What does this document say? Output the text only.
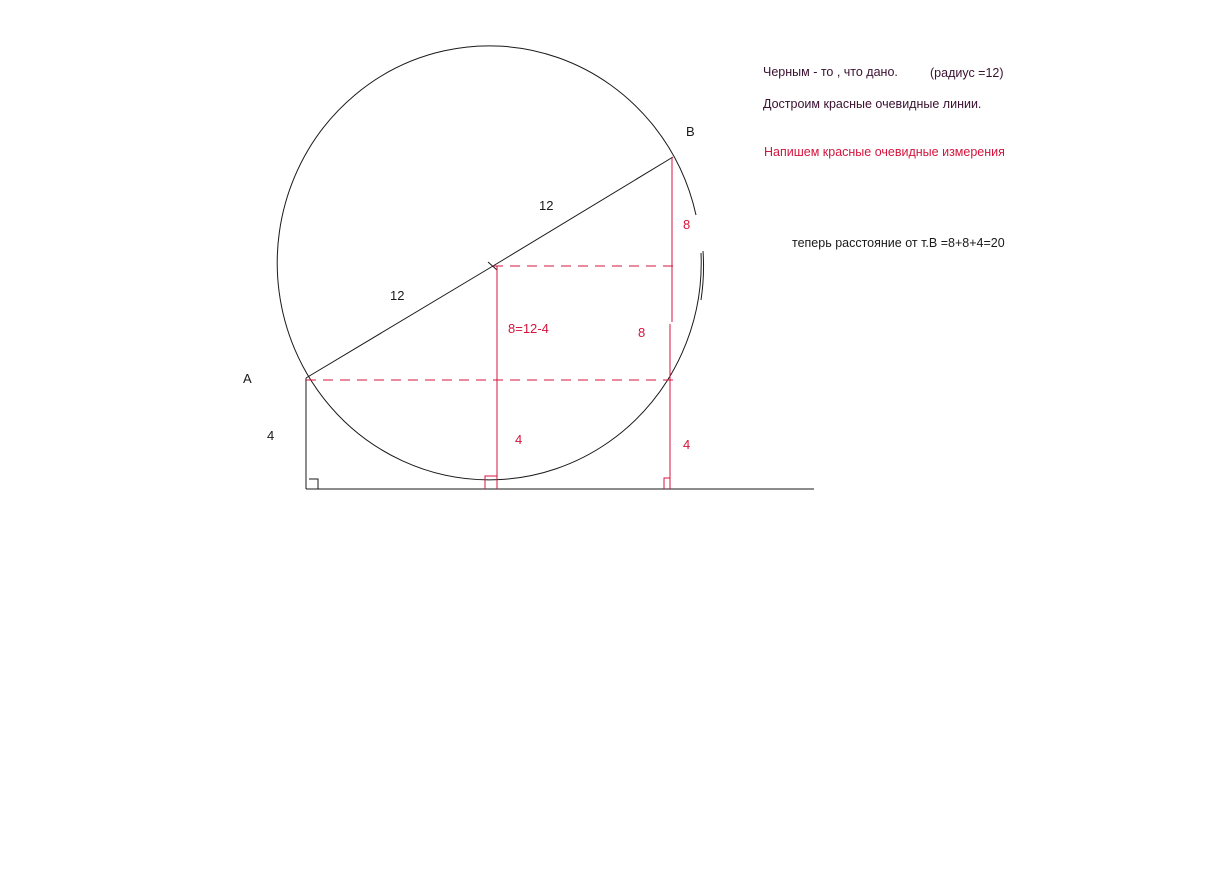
A
B
12
12
4
8=12-4
4
8
8
4
Черным - то , что дано.	(радиус =12)
Достроим красные очевидные линии.
Напишем красные очевидные измерения
теперь расстояние от т.В =8+8+4=20
